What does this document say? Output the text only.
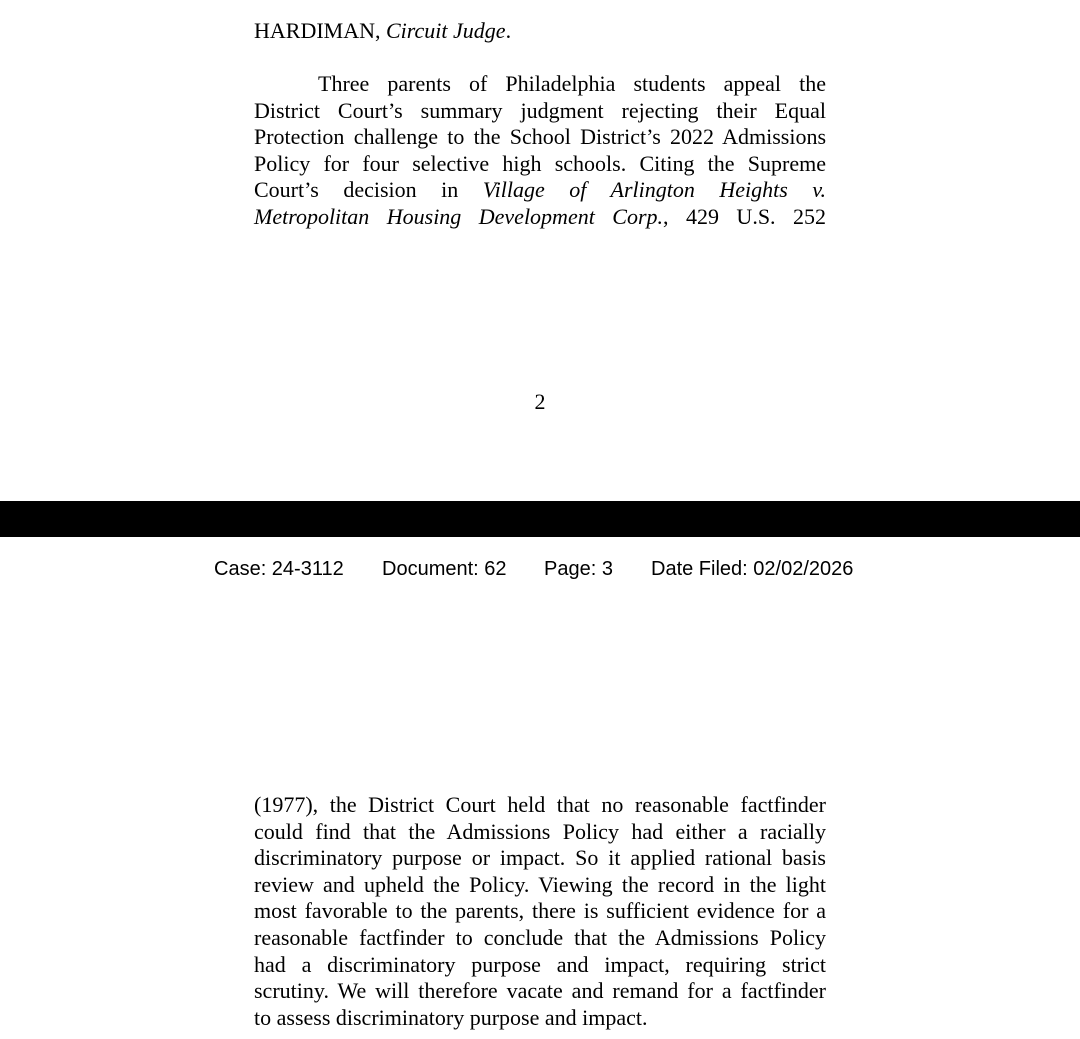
HARDIMAN, Circuit Judge.
Three parents of Philadelphia students appeal the
District Court’s summary judgment rejecting their Equal
Protection challenge to the School District’s 2022 Admissions
Policy for four selective high schools. Citing the Supreme
Court’s decision in Village of Arlington Heights v.
Metropolitan Housing Development Corp., 429 U.S. 252
2
Case: 24-3112 Document: 62 Page: 3 Date Filed: 02/02/2026
(1977), the District Court held that no reasonable factfinder
could find that the Admissions Policy had either a racially
discriminatory purpose or impact. So it applied rational basis
review and upheld the Policy. Viewing the record in the light
most favorable to the parents, there is sufficient evidence for a
reasonable factfinder to conclude that the Admissions Policy
had a discriminatory purpose and impact, requiring strict
scrutiny. We will therefore vacate and remand for a factfinder
to assess discriminatory purpose and impact.
